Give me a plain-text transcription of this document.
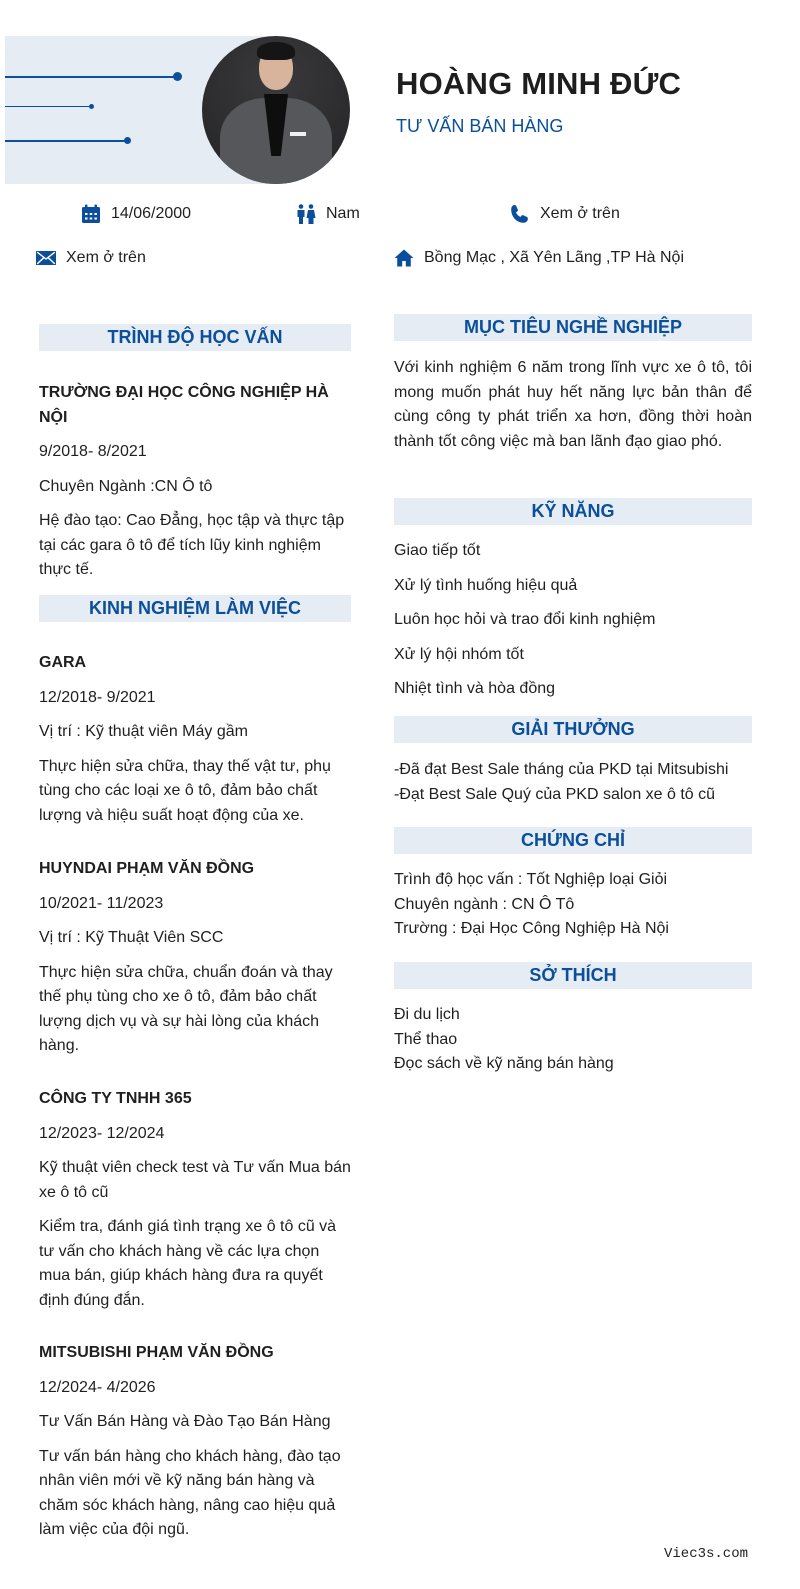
HOÀNG MINH ĐỨC
TƯ VẤN BÁN HÀNG
14/06/2000	Nam	Xem ở trên
Xem ở trên	Bồng Mạc , Xã Yên Lãng ,TP Hà Nội
TRÌNH ĐỘ HỌC VẤN
TRƯỜNG ĐẠI HỌC CÔNG NGHIỆP HÀ NỘI
9/2018- 8/2021
Chuyên Ngành :CN Ô tô
Hệ đào tạo: Cao Đẳng, học tập và thực tập tại các gara ô tô để tích lũy kinh nghiệm thực tế.
KINH NGHIỆM LÀM VIỆC
GARA
12/2018- 9/2021
Vị trí : Kỹ thuật viên Máy gầm
Thực hiện sửa chữa, thay thế vật tư, phụ tùng cho các loại xe ô tô, đảm bảo chất lượng và hiệu suất hoạt động của xe.
HUYNDAI PHẠM VĂN ĐỒNG
10/2021- 11/2023
Vị trí : Kỹ Thuật Viên SCC
Thực hiện sửa chữa, chuẩn đoán và thay thế phụ tùng cho xe ô tô, đảm bảo chất lượng dịch vụ và sự hài lòng của khách hàng.
CÔNG TY TNHH 365
12/2023- 12/2024
Kỹ thuật viên check test và Tư vấn Mua bán xe ô tô cũ
Kiểm tra, đánh giá tình trạng xe ô tô cũ và tư vấn cho khách hàng về các lựa chọn mua bán, giúp khách hàng đưa ra quyết định đúng đắn.
MITSUBISHI PHẠM VĂN ĐỒNG
12/2024- 4/2026
Tư Vấn Bán Hàng và Đào Tạo Bán Hàng
Tư vấn bán hàng cho khách hàng, đào tạo nhân viên mới về kỹ năng bán hàng và chăm sóc khách hàng, nâng cao hiệu quả làm việc của đội ngũ.
MỤC TIÊU NGHỀ NGHIỆP
Với kinh nghiệm 6 năm trong lĩnh vực xe ô tô, tôi mong muốn phát huy hết năng lực bản thân để cùng công ty phát triển xa hơn, đồng thời hoàn thành tốt công việc mà ban lãnh đạo giao phó.
KỸ NĂNG
Giao tiếp tốt
Xử lý tình huống hiệu quả
Luôn học hỏi và trao đổi kinh nghiệm
Xử lý hội nhóm tốt
Nhiệt tình và hòa đồng
GIẢI THƯỞNG
-Đã đạt Best Sale tháng của PKD tại Mitsubishi
-Đạt Best Sale Quý của PKD salon xe ô tô cũ
CHỨNG CHỈ
Trình độ học vấn : Tốt Nghiệp loại Giỏi
Chuyên ngành : CN Ô Tô
Trường : Đại Học Công Nghiệp Hà Nội
SỞ THÍCH
Đi du lịch
Thể thao
Đọc sách về kỹ năng bán hàng
Viec3s.com
